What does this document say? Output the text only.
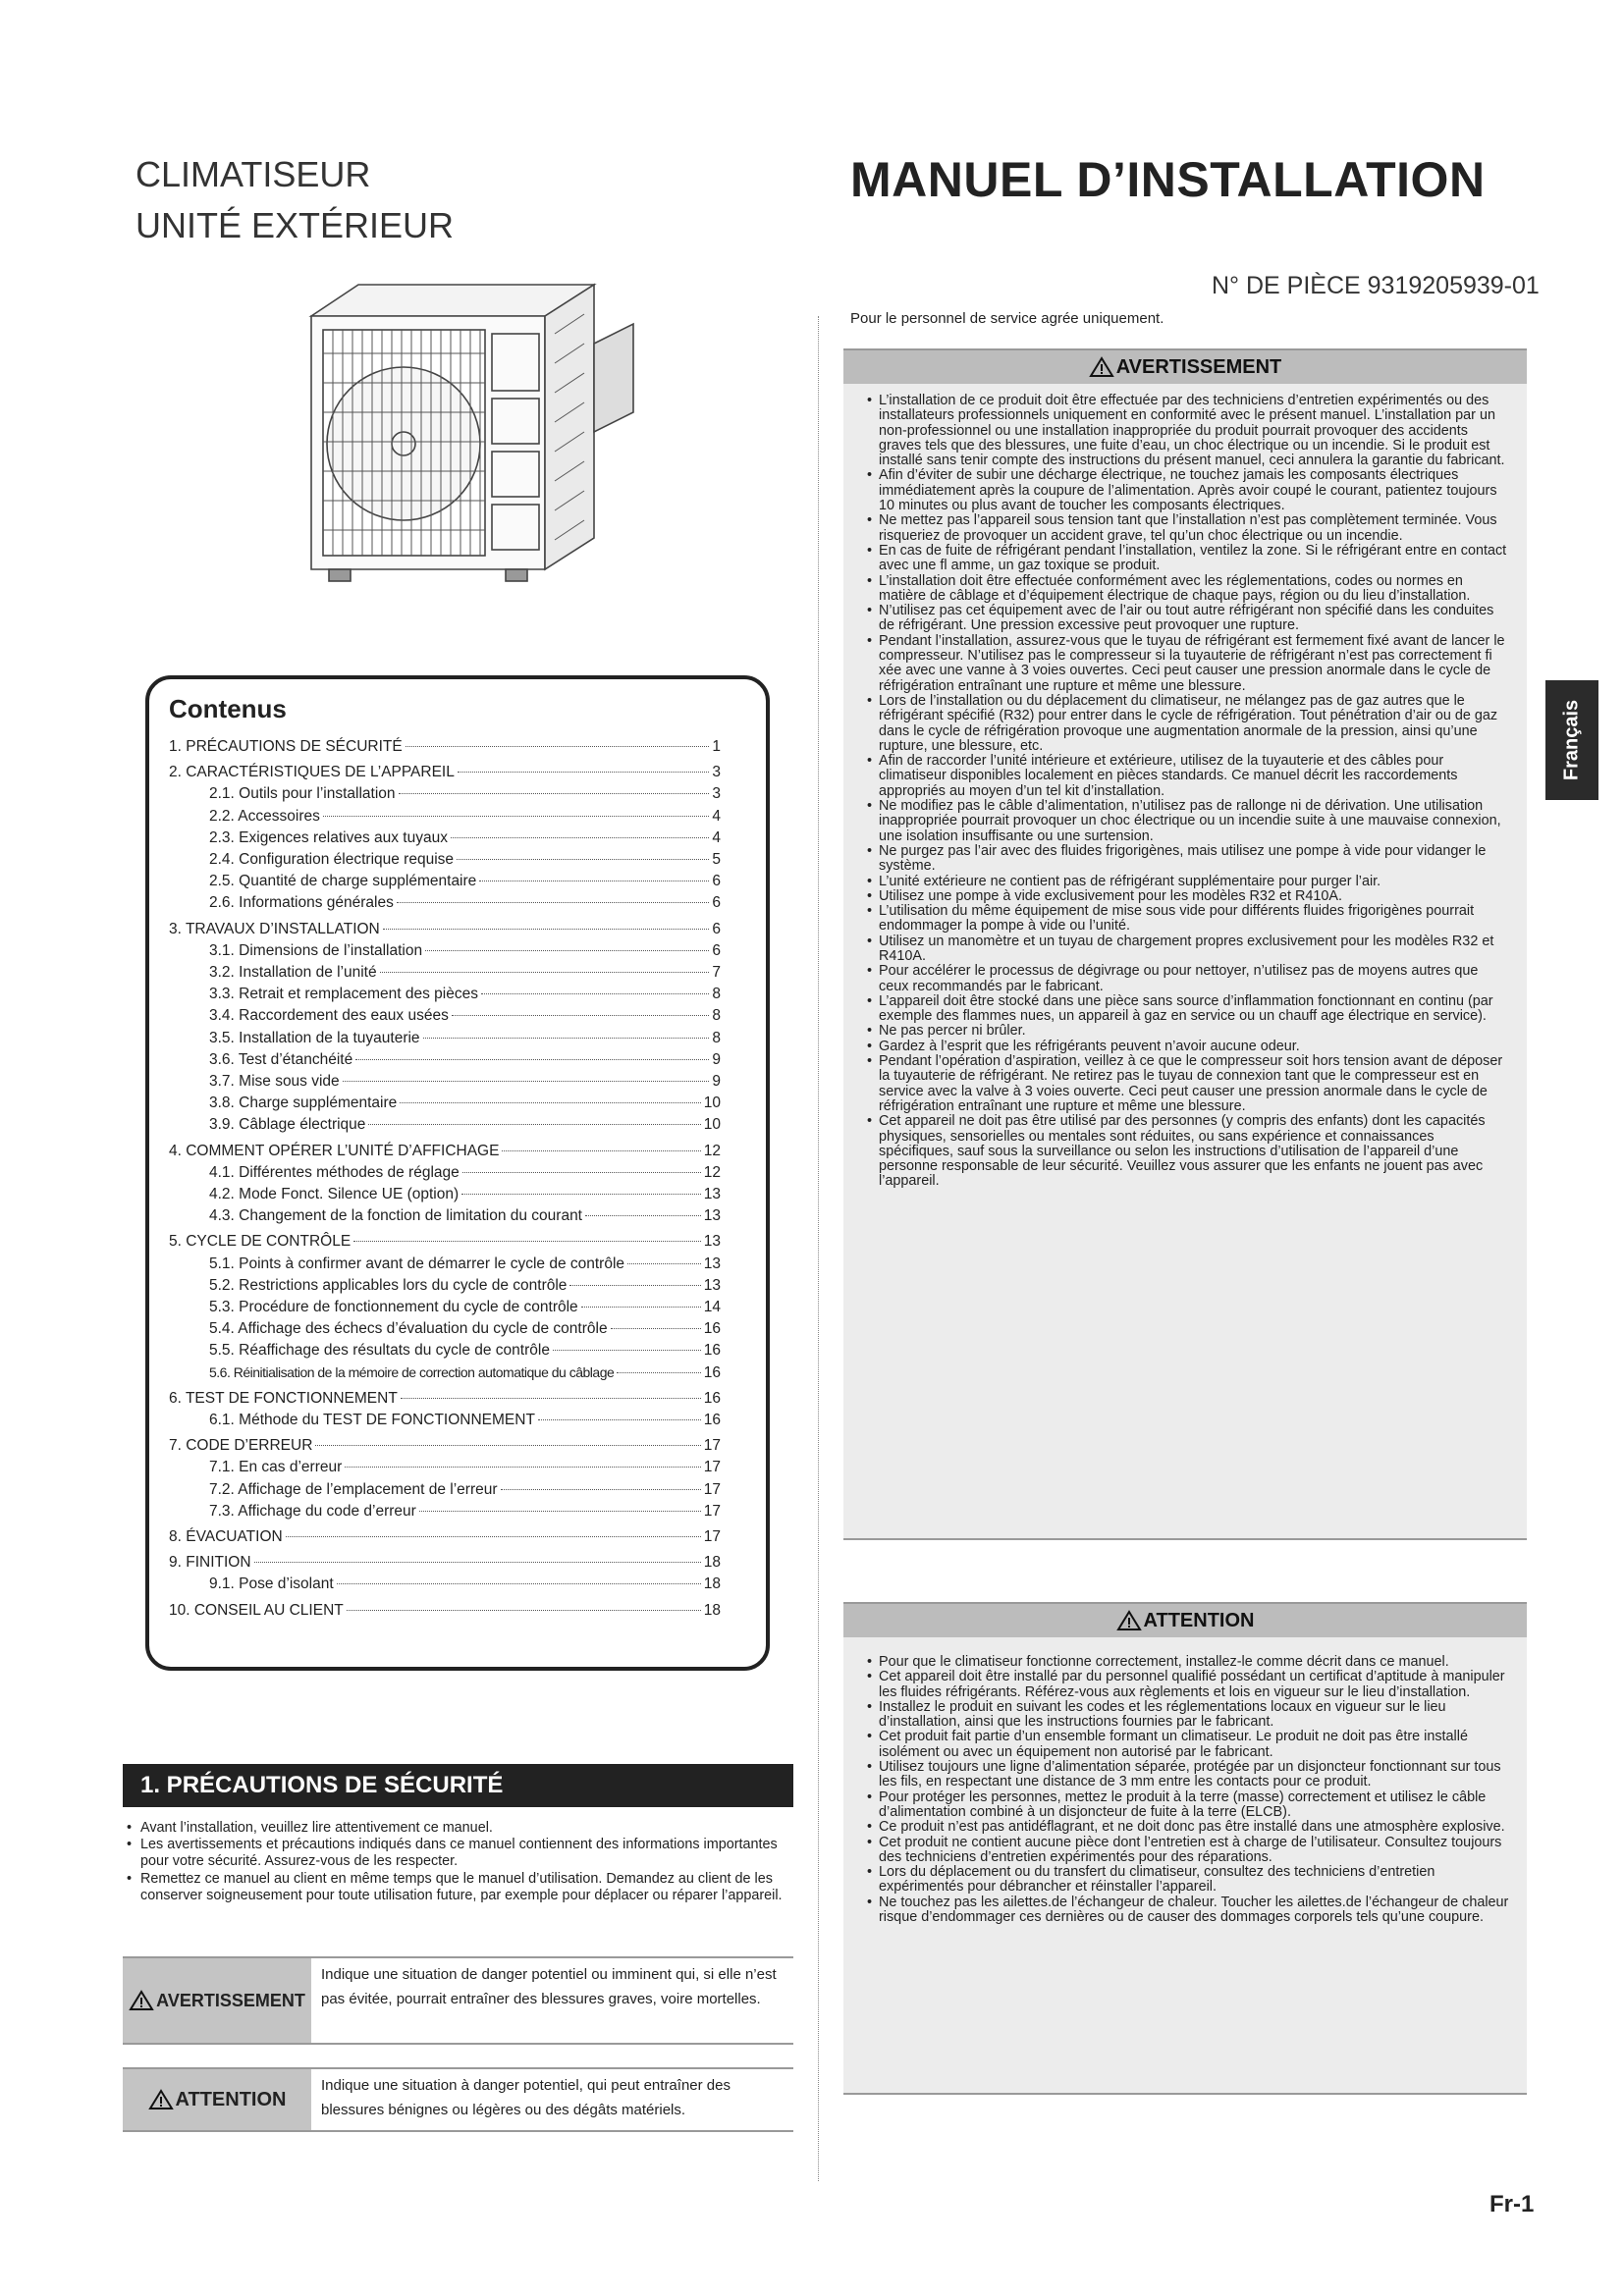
CLIMATISEUR
UNITÉ EXTÉRIEUR
MANUEL D’INSTALLATION
N° DE PIÈCE 9319205939-01
Pour le personnel de service agrée uniquement.
Contenus	Français
AVERTISSEMENT
• L’installation de ce produit doit être effectuée par des techniciens d’entretien expérimentés ou des installateurs professionnels uniquement en conformité avec le présent manuel. L’installation par un non-professionnel ou une installation inappropriée du produit pourrait provoquer des accidents graves tels que des blessures, une fuite d’eau, un choc électrique ou un incendie. Si le produit est installé sans tenir compte des instructions du présent manuel, ceci annulera la garantie du fabricant.
• Afin d’éviter de subir une décharge électrique, ne touchez jamais les composants électriques immédiatement après la coupure de l’alimentation. Après avoir coupé le courant, patientez toujours 10 minutes ou plus avant de toucher les composants électriques.
• Ne mettez pas l’appareil sous tension tant que l’installation n’est pas complètement terminée. Vous risqueriez de provoquer un accident grave, tel qu’un choc électrique ou un incendie.
• En cas de fuite de réfrigérant pendant l’installation, ventilez la zone. Si le réfrigérant entre en contact avec une fl amme, un gaz toxique se produit.
• L’installation doit être effectuée conformément avec les réglementations, codes ou normes en matière de câblage et d’équipement électrique de chaque pays, région ou du lieu d’installation.
• N’utilisez pas cet équipement avec de l’air ou tout autre réfrigérant non spécifié dans les conduites de réfrigérant. Une pression excessive peut provoquer une rupture.
• Pendant l’installation, assurez-vous que le tuyau de réfrigérant est fermement fixé avant de lancer le compresseur. N’utilisez pas le compresseur si la tuyauterie de réfrigérant n’est pas correctement fi xée avec une vanne à 3 voies ouvertes. Ceci peut causer une pression anormale dans le cycle de réfrigération entraînant une rupture et même une blessure.
• Lors de l’installation ou du déplacement du climatiseur, ne mélangez pas de gaz autres que le réfrigérant spécifié (R32) pour entrer dans le cycle de réfrigération. Tout pénétration d’air ou de gaz dans le cycle de réfrigération provoque une augmentation anormale de la pression, ainsi qu’une rupture, une blessure, etc.
• Afin de raccorder l’unité intérieure et extérieure, utilisez de la tuyauterie et des câbles pour climatiseur disponibles localement en pièces standards. Ce manuel décrit les raccordements appropriés au moyen d’un tel kit d’installation.
• Ne modifiez pas le câble d’alimentation, n’utilisez pas de rallonge ni de dérivation. Une utilisation inappropriée pourrait provoquer un choc électrique ou un incendie suite à une mauvaise connexion, une isolation insuffisante ou une surtension.
• Ne purgez pas l’air avec des fluides frigorigènes, mais utilisez une pompe à vide pour vidanger le système.
• L’unité extérieure ne contient pas de réfrigérant supplémentaire pour purger l’air.
• Utilisez une pompe à vide exclusivement pour les modèles R32 et R410A.
• L’utilisation du même équipement de mise sous vide pour différents fluides frigorigènes pourrait endommager la pompe à vide ou l’unité.
• Utilisez un manomètre et un tuyau de chargement propres exclusivement pour les modèles R32 et R410A.
• Pour accélérer le processus de dégivrage ou pour nettoyer, n’utilisez pas de moyens autres que ceux recommandés par le fabricant.
• L’appareil doit être stocké dans une pièce sans source d’inflammation fonctionnant en continu (par exemple des flammes nues, un appareil à gaz en service ou un chauff age électrique en service).
• Ne pas percer ni brûler.
• Gardez à l’esprit que les réfrigérants peuvent n’avoir aucune odeur.
• Pendant l’opération d’aspiration, veillez à ce que le compresseur soit hors tension avant de déposer la tuyauterie de réfrigérant. Ne retirez pas le tuyau de connexion tant que le compresseur est en service avec la valve à 3 voies ouverte. Ceci peut causer une pression anormale dans le cycle de réfrigération entraînant une rupture et même une blessure.
• Cet appareil ne doit pas être utilisé par des personnes (y compris des enfants) dont les capacités physiques, sensorielles ou mentales sont réduites, ou sans expérience et connaissances spécifiques, sauf sous la surveillance ou selon les instructions d’utilisation de l’appareil d’une personne responsable de leur sécurité. Veuillez vous assurer que les enfants ne jouent pas avec l’appareil.
ATTENTION
• Pour que le climatiseur fonctionne correctement, installez-le comme décrit dans ce manuel.
• Cet appareil doit être installé par du personnel qualifié possédant un certificat d’aptitude à manipuler les fluides réfrigérants. Référez-vous aux règlements et lois en vigueur sur le lieu d’installation.
• Installez le produit en suivant les codes et les réglementations locaux en vigueur sur le lieu d’installation, ainsi que les instructions fournies par le fabricant.
• Cet produit fait partie d’un ensemble formant un climatiseur. Le produit ne doit pas être installé isolément ou avec un équipement non autorisé par le fabricant.
• Utilisez toujours une ligne d’alimentation séparée, protégée par un disjoncteur fonctionnant sur tous les fils, en respectant une distance de 3 mm entre les contacts pour ce produit.
• Pour protéger les personnes, mettez le produit à la terre (masse) correctement et utilisez le câble d’alimentation combiné à un disjoncteur de fuite à la terre (ELCB).
• Ce produit n’est pas antidéflagrant, et ne doit donc pas être installé dans une atmosphère explosive.
• Cet produit ne contient aucune pièce dont l’entretien est à charge de l’utilisateur. Consultez toujours des techniciens d’entretien expérimentés pour des réparations.
• Lors du déplacement ou du transfert du climatiseur, consultez des techniciens d’entretien expérimentés pour débrancher et réinstaller l’appareil.
• Ne touchez pas les ailettes.de l’échangeur de chaleur. Toucher les ailettes.de l’échangeur de chaleur risque d’endommager ces dernières ou de causer des dommages corporels tels qu’une coupure.
1. PRÉCAUTIONS DE SÉCURITÉ
• Avant l’installation, veuillez lire attentivement ce manuel.
• Les avertissements et précautions indiqués dans ce manuel contiennent des informations importantes pour votre sécurité. Assurez-vous de les respecter.
• Remettez ce manuel au client en même temps que le manuel d’utilisation. Demandez au client de les conserver soigneusement pour toute utilisation future, par exemple pour déplacer ou réparer l’appareil.
AVERTISSEMENT
Indique une situation de danger potentiel ou imminent qui, si elle n’est pas évitée, pourrait entraîner des blessures graves, voire mortelles.
ATTENTION
Indique une situation à danger potentiel, qui peut entraîner des blessures bénignes ou légères ou des dégâts matériels.
Fr-1
1. PRÉCAUTIONS DE SÉCURITÉ	1
2. CARACTÉRISTIQUES DE L’APPAREIL	3
2.1. Outils pour l’installation	3
2.2. Accessoires	4
2.3. Exigences relatives aux tuyaux	4
2.4. Configuration électrique requise	5
2.5. Quantité de charge supplémentaire	6
2.6. Informations générales	6
3. TRAVAUX D’INSTALLATION	6
3.1. Dimensions de l’installation	6
3.2. Installation de l’unité	7
3.3. Retrait et remplacement des pièces	8
3.4. Raccordement des eaux usées	8
3.5. Installation de la tuyauterie	8
3.6. Test d’étanchéité	9
3.7. Mise sous vide	9
3.8. Charge supplémentaire	10
3.9. Câblage électrique	10
4. COMMENT OPÉRER L’UNITÉ D’AFFICHAGE	12
4.1. Différentes méthodes de réglage	12
4.2. Mode Fonct. Silence UE (option)	13
4.3. Changement de la fonction de limitation du courant	13
5. CYCLE DE CONTRÔLE	13
5.1. Points à confirmer avant de démarrer le cycle de contrôle	13
5.2. Restrictions applicables lors du cycle de contrôle	13
5.3. Procédure de fonctionnement du cycle de contrôle	14
5.4. Affichage des échecs d’évaluation du cycle de contrôle	16
5.5. Réaffichage des résultats du cycle de contrôle	16
5.6. Réinitialisation de la mémoire de correction automatique du câblage	16
6. TEST DE FONCTIONNEMENT	16
6.1. Méthode du TEST DE FONCTIONNEMENT	16
7. CODE D’ERREUR	17
7.1. En cas d’erreur	17
7.2. Affichage de l’emplacement de l’erreur	17
7.3. Affichage du code d’erreur	17
8. ÉVACUATION	17
9. FINITION	18
9.1. Pose d’isolant	18
10. CONSEIL AU CLIENT	18
